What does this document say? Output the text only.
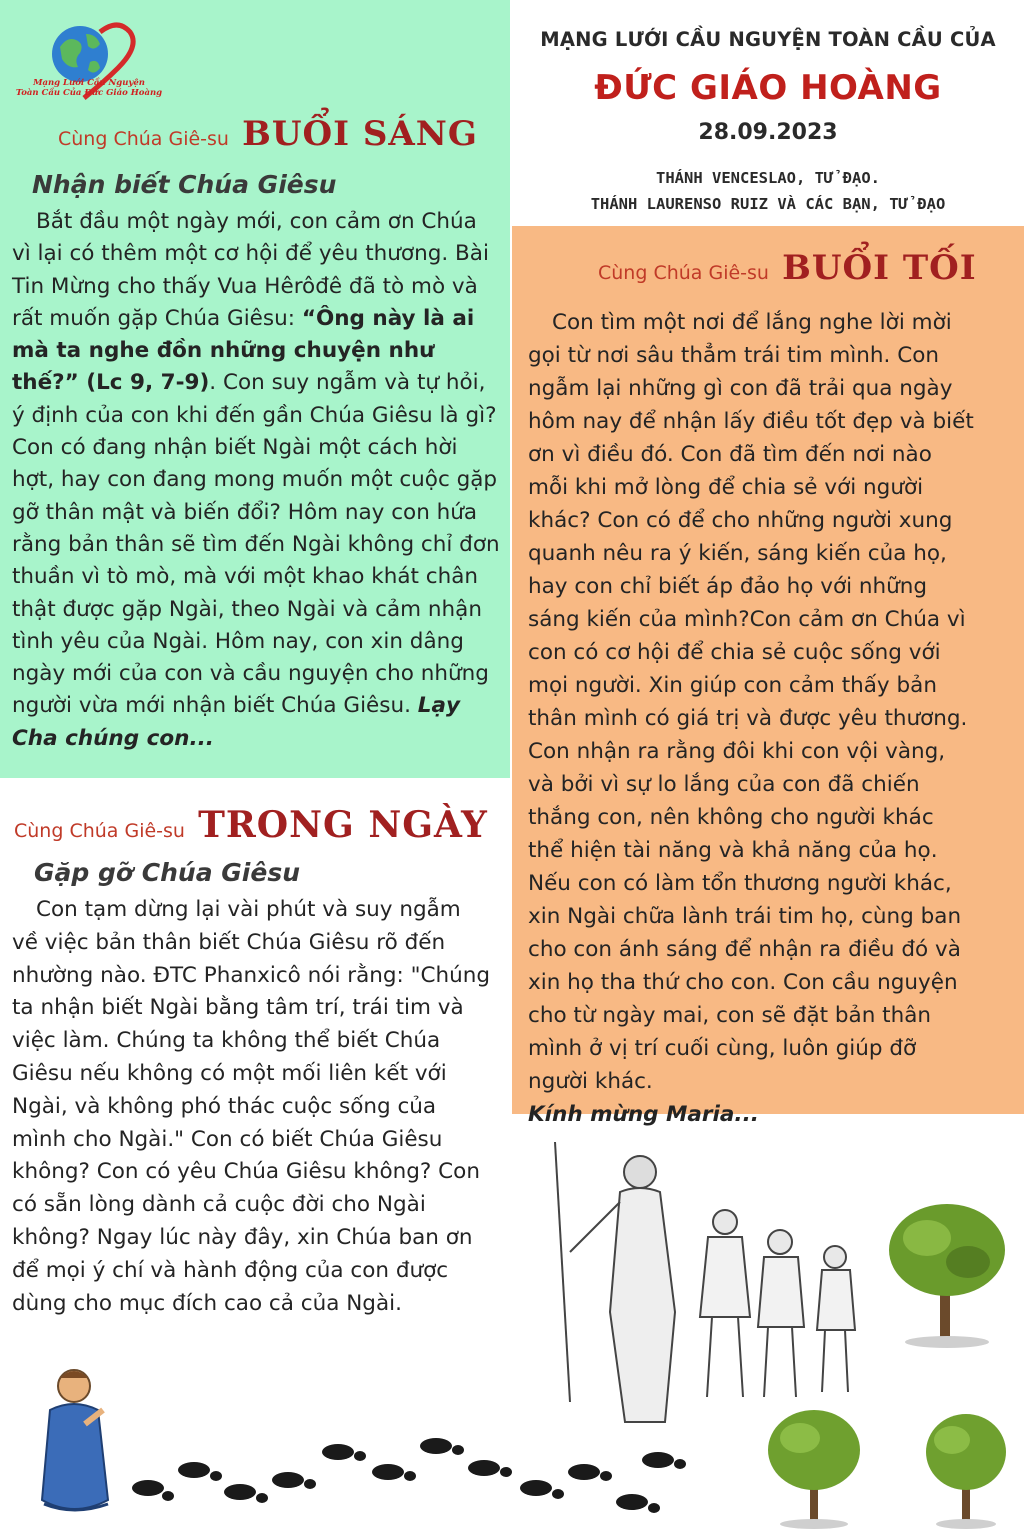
Mạng Lưới Cầu Nguyện
Toàn Cầu Của Đức Giáo Hoàng
Cùng Chúa Giê-su BUỔI SÁNG
Nhận biết Chúa Giêsu

Bắt đầu một ngày mới, con cảm ơn Chúa vì lại có thêm một cơ hội để yêu thương. Bài Tin Mừng cho thấy Vua Hêrôđê đã tò mò và rất muốn gặp Chúa Giêsu: “Ông này là ai mà ta nghe đồn những chuyện như thế?” (Lc 9, 7-9). Con suy ngẫm và tự hỏi, ý định của con khi đến gần Chúa Giêsu là gì? Con có đang nhận biết Ngài một cách hời hợt, hay con đang mong muốn một cuộc gặp gỡ thân mật và biến đổi? Hôm nay con hứa rằng bản thân sẽ tìm đến Ngài không chỉ đơn thuần vì tò mò, mà với một khao khát chân thật được gặp Ngài, theo Ngài và cảm nhận tình yêu của Ngài. Hôm nay, con xin dâng ngày mới của con và cầu nguyện cho những người vừa mới nhận biết Chúa Giêsu. Lạy Cha chúng con...

MẠNG LƯỚI CẦU NGUYỆN TOÀN CẦU CỦA
ĐỨC GIÁO HOÀNG
28.09.2023
THÁNH VENCESLAO, TỬ ĐẠO.
THÁNH LAURENSO RUIZ VÀ CÁC BẠN, TỬ ĐẠO
Cùng Chúa Giê-su BUỔI TỐI

Con tìm một nơi để lắng nghe lời mời gọi từ nơi sâu thẳm trái tim mình. Con ngẫm lại những gì con đã trải qua ngày hôm nay để nhận lấy điều tốt đẹp và biết ơn vì điều đó. Con đã tìm đến nơi nào mỗi khi mở lòng để chia sẻ với người khác? Con có để cho những người xung quanh nêu ra ý kiến, sáng kiến của họ, hay con chỉ biết áp đảo họ với những sáng kiến của mình?Con cảm ơn Chúa vì con có cơ hội để chia sẻ cuộc sống với mọi người. Xin giúp con cảm thấy bản thân mình có giá trị và được yêu thương. Con nhận ra rằng đôi khi con vội vàng, và bởi vì sự lo lắng của con đã chiến thắng con, nên không cho người khác thể hiện tài năng và khả năng của họ. Nếu con có làm tổn thương người khác, xin Ngài chữa lành trái tim họ, cùng ban cho con ánh sáng để nhận ra điều đó và xin họ tha thứ cho con. Con cầu nguyện cho từ ngày mai, con sẽ đặt bản thân mình ở vị trí cuối cùng, luôn giúp đỡ người khác.

Kính mừng Maria...

Cùng Chúa Giê-su TRONG NGÀY
Gặp gỡ Chúa Giêsu

Con tạm dừng lại vài phút và suy ngẫm về việc bản thân biết Chúa Giêsu rõ đến nhường nào. ĐTC Phanxicô nói rằng: "Chúng ta nhận biết Ngài bằng tâm trí, trái tim và việc làm. Chúng ta không thể biết Chúa Giêsu nếu không có một mối liên kết với Ngài, và không phó thác cuộc sống của mình cho Ngài." Con có biết Chúa Giêsu không? Con có yêu Chúa Giêsu không? Con có sẵn lòng dành cả cuộc đời cho Ngài không? Ngay lúc này đây, xin Chúa ban ơn để mọi ý chí và hành động của con được dùng cho mục đích cao cả của Ngài.
